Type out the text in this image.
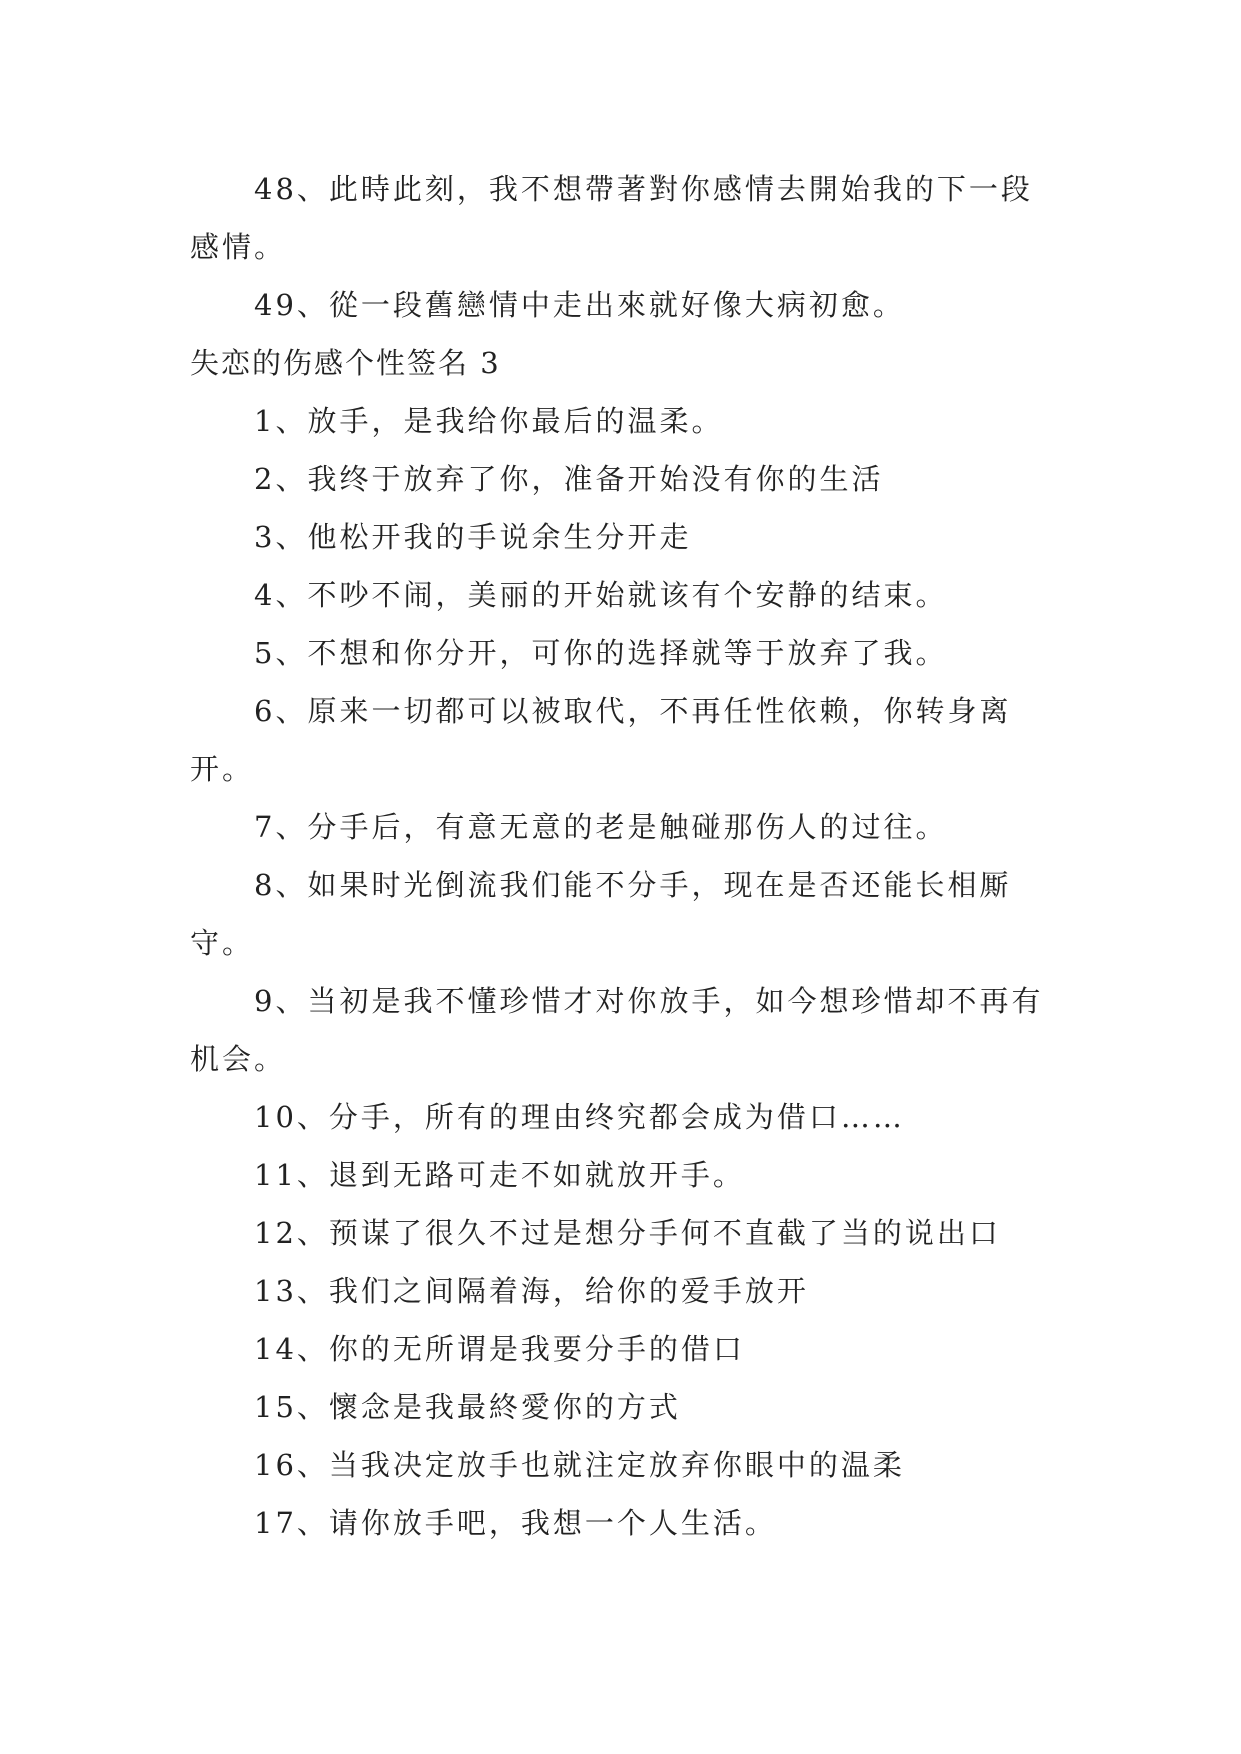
48、此時此刻，我不想帶著對你感情去開始我的下一段感情。

49、從一段舊戀情中走出來就好像大病初愈。

失恋的伤感个性签名 3

1、放手，是我给你最后的温柔。

2、我终于放弃了你，准备开始没有你的生活

3、他松开我的手说余生分开走

4、不吵不闹，美丽的开始就该有个安静的结束。

5、不想和你分开，可你的选择就等于放弃了我。

6、原来一切都可以被取代，不再任性依赖，你转身离开。

7、分手后，有意无意的老是触碰那伤人的过往。

8、如果时光倒流我们能不分手，现在是否还能长相厮守。

9、当初是我不懂珍惜才对你放手，如今想珍惜却不再有机会。

10、分手，所有的理由终究都会成为借口……

11、退到无路可走不如就放开手。

12、预谋了很久不过是想分手何不直截了当的说出口

13、我们之间隔着海，给你的爱手放开

14、你的无所谓是我要分手的借口

15、懷念是我最終愛你的方式

16、当我决定放手也就注定放弃你眼中的温柔

17、请你放手吧，我想一个人生活。
